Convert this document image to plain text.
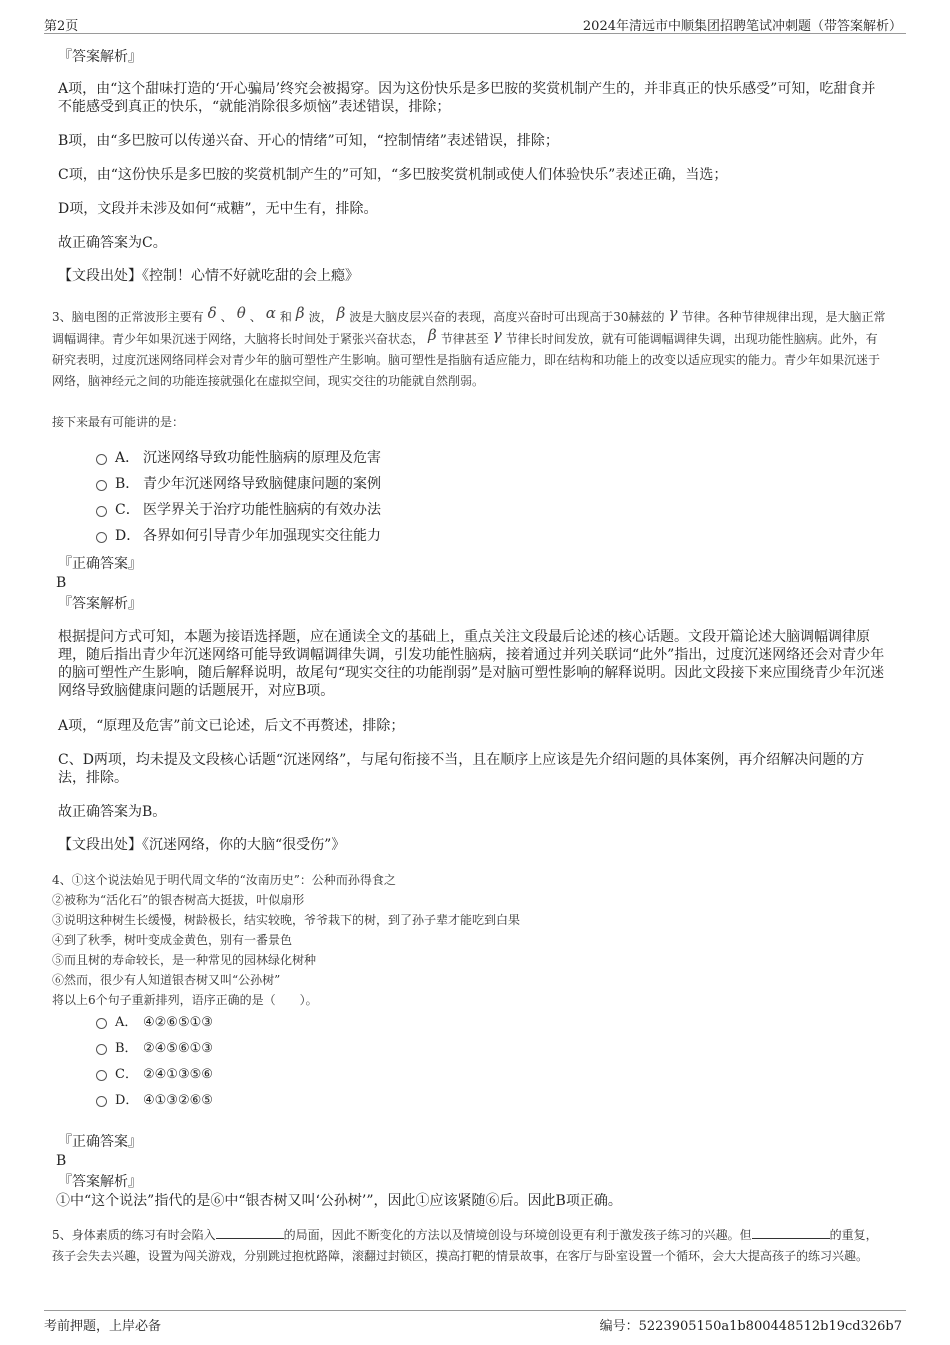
第2页	2024年清远市中顺集团招聘笔试冲刺题（带答案解析）
『答案解析』

A项，由“这个甜味打造的‘开心骗局’终究会被揭穿。因为这份快乐是多巴胺的奖赏机制产生的，并非真正的快乐感受”可知，吃甜食并不能感受到真正的快乐，“就能消除很多烦恼”表述错误，排除；

B项，由“多巴胺可以传递兴奋、开心的情绪”可知，“控制情绪”表述错误，排除；

C项，由“这份快乐是多巴胺的奖赏机制产生的”可知，“多巴胺奖赏机制或使人们体验快乐”表述正确，当选；

D项，文段并未涉及如何“戒糖”，无中生有，排除。

故正确答案为C。

【文段出处】《控制！心情不好就吃甜的会上瘾》

3、脑电图的正常波形主要有 δ 、 θ 、 α 和 β 波， β 波是大脑皮层兴奋的表现，高度兴奋时可出现高于30赫兹的 γ 节律。各种节律规律出现，是大脑正常调幅调律。青少年如果沉迷于网络，大脑将长时间处于紧张兴奋状态， β 节律甚至 γ 节律长时间发放，就有可能调幅调律失调，出现功能性脑病。此外，有研究表明，过度沉迷网络同样会对青少年的脑可塑性产生影响。脑可塑性是指脑有适应能力，即在结构和功能上的改变以适应现实的能力。青少年如果沉迷于网络，脑神经元之间的功能连接就强化在虚拟空间，现实交往的功能就自然削弱。

接下来最有可能讲的是：

A． 沉迷网络导致功能性脑病的原理及危害
B． 青少年沉迷网络导致脑健康问题的案例
C． 医学界关于治疗功能性脑病的有效办法
D． 各界如何引导青少年加强现实交往能力
『正确答案』
B
『答案解析』

根据提问方式可知，本题为接语选择题，应在通读全文的基础上，重点关注文段最后论述的核心话题。文段开篇论述大脑调幅调律原理，随后指出青少年沉迷网络可能导致调幅调律失调，引发功能性脑病，接着通过并列关联词“此外”指出，过度沉迷网络还会对青少年的脑可塑性产生影响，随后解释说明，故尾句“现实交往的功能削弱”是对脑可塑性影响的解释说明。因此文段接下来应围绕青少年沉迷网络导致脑健康问题的话题展开，对应B项。

A项，“原理及危害”前文已论述，后文不再赘述，排除；

C、D两项，均未提及文段核心话题“沉迷网络”，与尾句衔接不当，且在顺序上应该是先介绍问题的具体案例，再介绍解决问题的方法，排除。

故正确答案为B。

【文段出处】《沉迷网络，你的大脑“很受伤”》

4、①这个说法始见于明代周文华的“汝南历史”：公种而孙得食之
②被称为“活化石”的银杏树高大挺拔，叶似扇形
③说明这种树生长缓慢，树龄极长，结实较晚，爷爷栽下的树，到了孙子辈才能吃到白果
④到了秋季，树叶变成金黄色，别有一番景色
⑤而且树的寿命较长，是一种常见的园林绿化树种
⑥然而，很少有人知道银杏树又叫“公孙树”
将以上6个句子重新排列，语序正确的是（　　）。
A． ④②⑥⑤①③
B． ②④⑤⑥①③
C． ②④①③⑤⑥
D． ④①③②⑥⑤
『正确答案』
B
『答案解析』

①中“这个说法”指代的是⑥中“银杏树又叫‘公孙树’”，因此①应该紧随⑥后。因此B项正确。

5、身体素质的练习有时会陷入	的局面，因此不断变化的方法以及情境创设与环境创设更有利于激发孩子练习的兴趣。但	的重复，孩子会失去兴趣，设置为闯关游戏，分别跳过抱枕路障，滚翻过封锁区，摸高打靶的情景故事，在客厅与卧室设置一个循环，会大大提高孩子的练习兴趣。

考前押题，上岸必备	编号：5223905150a1b800448512b19cd326b7
